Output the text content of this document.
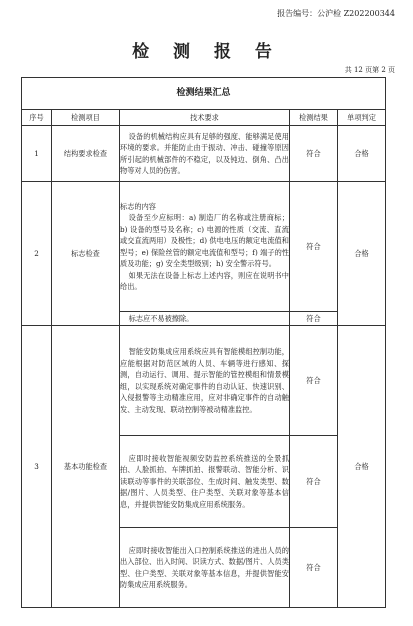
报告编号：公沪检 Z202200344
检 测 报 告
共 12 页第 2 页
检测结果汇总				
序号	检测项目	技术要求	检测结果	单项判定
1	结构要求检查	设备的机械结构应具有足够的强度、能够满足使用环境的要求。并能防止由于振动、冲击、碰撞等原因所引起的机械部件的不稳定，以及钝边、倒角、凸出物等对人员的伤害。	符合	合格
2	标志检查	标志的内容
设备至少应标明：a) 制造厂的名称或注册商标；b) 设备的型号及名称；c) 电源的性质（交流、直流或交直流两用）及极性；d) 供电电压的额定电流值和型号；e) 保险丝管的额定电流值和型号；f) 端子的性质及功能；g) 安全类型级别；h) 安全警示符号。
如果无法在设备上标志上述内容，则应在说明书中给出。	符合	合格

		标志应不易被擦除。	符合	
3	基本功能检查	智能安防集成应用系统应具有智能模组控制功能，应能根据对防范区域的人员、车辆等进行感知、探测，自动运行、调用、提示智能的管控模组和情景模组，以实现系统对确定事件的自动认证、快速识别、入侵报警等主动精准应用，应对非确定事件的自动触发、主动发现、联动控制等被动精准监控。	符合	合格

		应即时接收智能视频安防监控系统推送的全景抓拍、人脸抓拍、车牌抓拍、报警联动、智能分析、识读联动等事件的关联部位、生成时间、触发类型、数据/图片、人员类型、住户类型、关联对象等基本信息，并提供智能安防集成应用系统服务。	符合	

		应即时接收智能出入口控制系统推送的进出人员的出入部位、出入时间、识读方式、数据/图片、人员类型、住户类型、关联对象等基本信息，并提供智能安防集成应用系统服务。	符合	
